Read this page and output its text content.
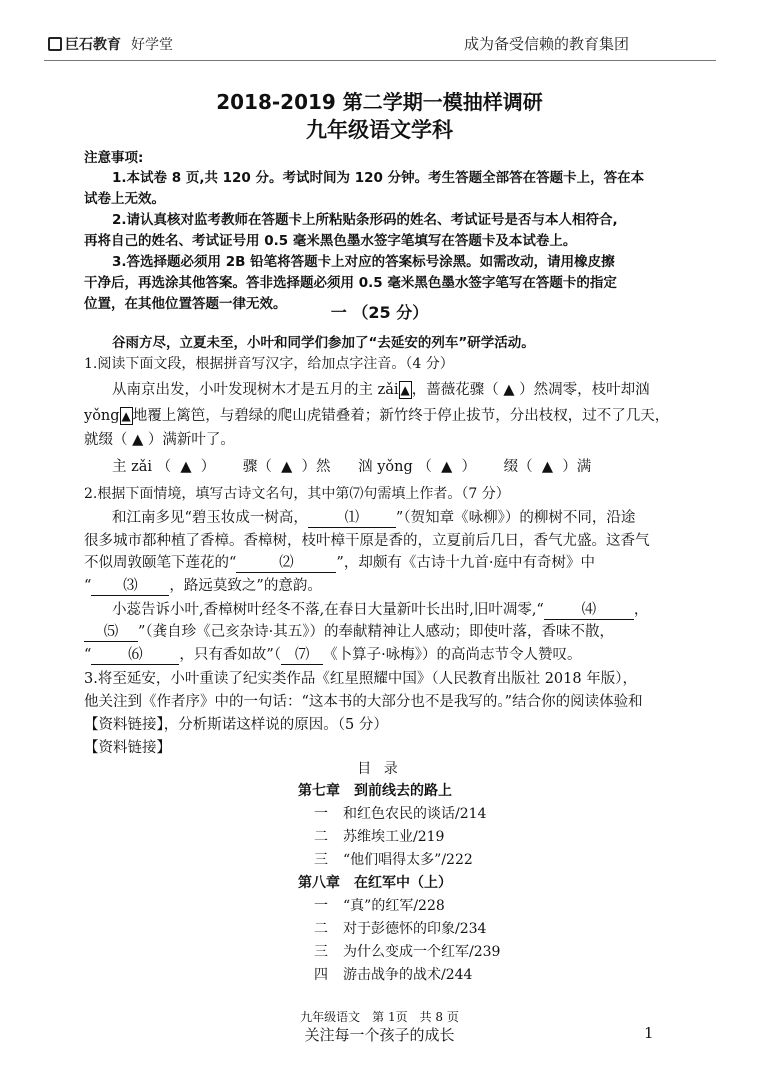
巨石教育 好学堂	成为备受信赖的教育集团
2018-2019 第二学期一模抽样调研
九年级语文学科
注意事项:
1.本试卷 8 页,共 120 分。考试时间为 120 分钟。考生答题全部答在答题卡上，答在本
试卷上无效。
2.请认真核对监考教师在答题卡上所粘贴条形码的姓名、考试证号是否与本人相符合,
再将自己的姓名、考试证号用 0.5 毫米黑色墨水签字笔填写在答题卡及本试卷上。
3.答选择题必须用 2B 铅笔将答题卡上对应的答案标号涂黑。如需改动，请用橡皮擦
干净后，再选涂其他答案。答非选择题必须用 0.5 毫米黑色墨水签字笔写在答题卡的指定
位置，在其他位置答题一律无效。	一 （25 分）
谷雨方尽，立夏未至，小叶和同学们参加了“去延安的列车”研学活动。
1.阅读下面文段，根据拼音写汉字，给加点字注音。（4 分）
从南京出发，小叶发现树木才是五月的主 zǎi ▲ ，蔷薇花骤（ ▲ ）然凋零，枝叶却汹
yǒng ▲ 地覆上篱笆，与碧绿的爬山虎错叠着；新竹终于停止拔节，分出枝杈，过不了几天，
就缀（ ▲ ）满新叶了。
主 zǎi （  ▲  ）      骤（  ▲  ）然      汹 yǒng （  ▲  ）      缀（  ▲  ）满
2.根据下面情境，填写古诗文名句，其中第⑺句需填上作者。（7 分）
和江南多见“碧玉妆成一树高，	⑴	”（贺知章《咏柳》）的柳树不同，沿途
很多城市都种植了香樟。香樟树，枝叶樟干原是香的，立夏前后几日，香气尤盛。这香气
不似周敦颐笔下莲花的“	⑵	”，却颇有《古诗十九首·庭中有奇树》中
“ ⑶ ，路远莫致之”的意韵。
小蕊告诉小叶,香樟树叶经冬不落,在春日大量新叶长出时,旧叶凋零,“	⑷	，
⑸ ”（龚自珍《己亥杂诗·其五》）的奉献精神让人感动；即使叶落，香味不散，
“	⑹	，只有香如故”（ ⑺ 《卜算子·咏梅》）的高尚志节令人赞叹。
3.将至延安，小叶重读了纪实类作品《红星照耀中国》（人民教育出版社 2018 年版），
他关注到《作者序》中的一句话：“这本书的大部分也不是我写的。”结合你的阅读体验和
【资料链接】，分析斯诺这样说的原因。（5 分）
【资料链接】
目 录
第七章　到前线去的路上
一 和红色农民的谈话/214
二 苏维埃工业/219
三 “他们唱得太多”/222
第八章　在红军中（上）
一 “真”的红军/228
二 对于彭德怀的印象/234
三 为什么变成一个红军/239
四 游击战争的战术/244
九年级语文　第 1页　共 8 页
关注每一个孩子的成长	1
